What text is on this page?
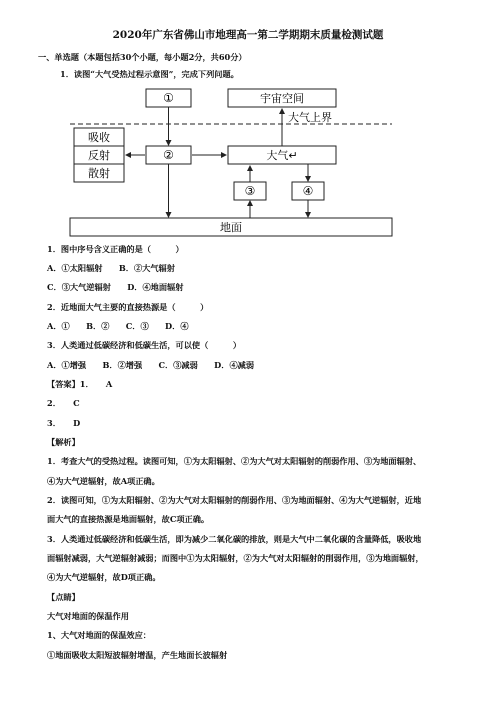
2020年广东省佛山市地理高一第二学期期末质量检测试题
一、单选题（本题包括30个小题，每小题2分，共60分）
1．读图“大气受热过程示意图”，完成下列问题。
①	宇宙空间
大气上界
吸收
反射
散射
②	大气↵
③	④
地面
1．图中序号含义正确的是（　　　）
A．①太阳辐射　　B．②大气辐射
C．③大气逆辐射　　D．④地面辐射
2．近地面大气主要的直接热源是（　　　）
A．①　　B．②　　C．③　　D．④
3．人类通过低碳经济和低碳生活，可以使（　　　）
A．①增强　　B．②增强　　C．③减弱　　D．④减弱
【答案】1．　　A
2．　　C
3．　　D
【解析】
1．考查大气的受热过程。读图可知，①为太阳辐射、②为大气对太阳辐射的削弱作用、③为地面辐射、
④为大气逆辐射，故A项正确。
2．读图可知，①为太阳辐射、②为大气对太阳辐射的削弱作用、③为地面辐射、④为大气逆辐射，近地
面大气的直接热源是地面辐射，故C项正确。
3．人类通过低碳经济和低碳生活，即为减少二氧化碳的排放，则是大气中二氧化碳的含量降低，吸收地
面辐射减弱，大气逆辐射减弱；而图中①为太阳辐射，②为大气对太阳辐射的削弱作用，③为地面辐射，
④为大气逆辐射，故D项正确。
【点睛】
大气对地面的保温作用
1、大气对地面的保温效应：
①地面吸收太阳短波辐射增温，产生地面长波辐射
